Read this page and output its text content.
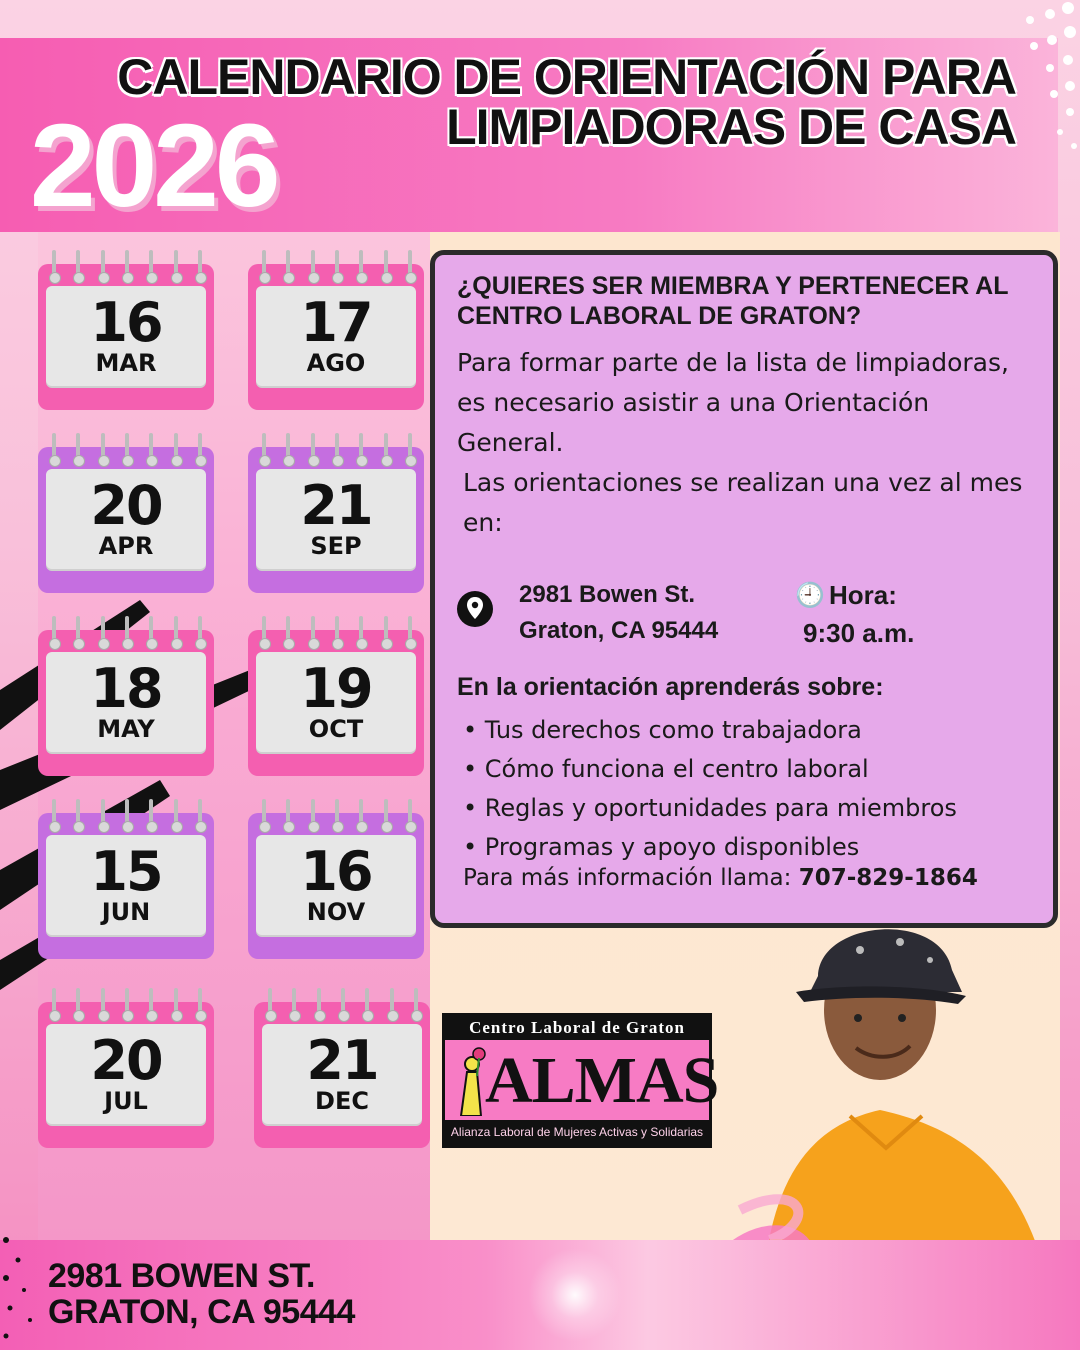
CALENDARIO DE ORIENTACIÓN PARA
LIMPIADORAS DE CASA
2026
16
MAR
17
AGO
20
APR
21
SEP
18
MAY
19
OCT
15
JUN
16
NOV
20
JUL
21
DEC
¿QUIERES SER MIEMBRA Y PERTENECER AL CENTRO LABORAL DE GRATON?
Para formar parte de la lista de limpiadoras, es necesario asistir a una Orientación General.
Las orientaciones se realizan una vez al mes en:
2981 Bowen St.
Graton, CA 95444
🕘 Hora:
9:30 a.m.
En la orientación aprenderás sobre:
• Tus derechos como trabajadora
• Cómo funciona el centro laboral
• Reglas y oportunidades para miembros
• Programas y apoyo disponibles
Para más información llama: 707-829-1864
Centro Laboral de Graton
ALMAS
Alianza Laboral de Mujeres Activas y Solidarias
2981 BOWEN ST.
GRATON, CA 95444
